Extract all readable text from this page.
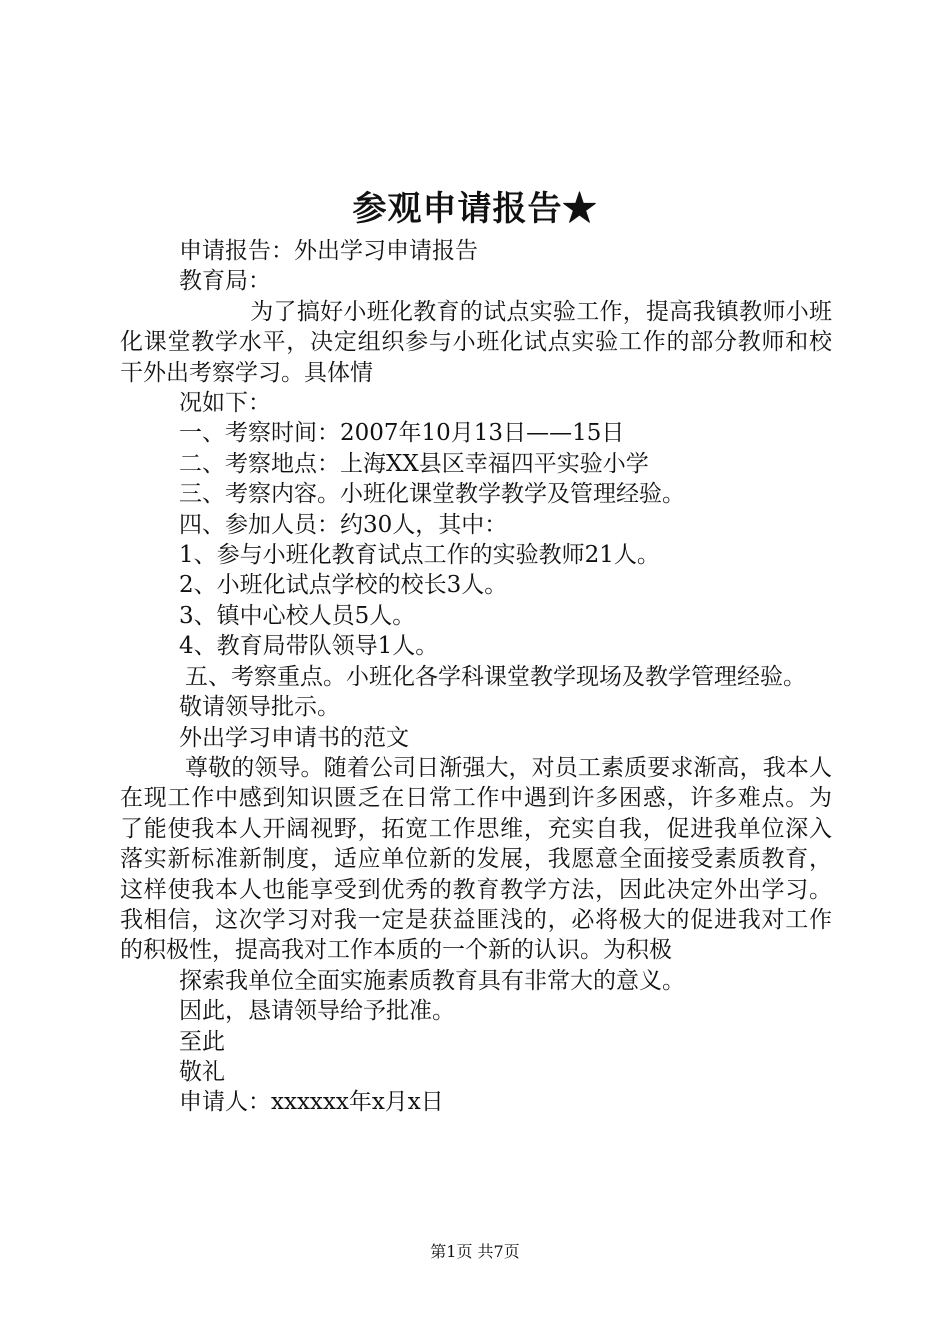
参观申请报告★
申请报告：外出学习申请报告
教育局：
为了搞好小班化教育的试点实验工作，提高我镇教师小班化课堂教学水平，决定组织参与小班化试点实验工作的部分教师和校干外出考察学习。具体情
况如下：
一、考察时间：2007年10月13日——15日
二、考察地点：上海XX县区幸福四平实验小学
三、考察内容。小班化课堂教学教学及管理经验。
四、参加人员：约30人，其中：
1、参与小班化教育试点工作的实验教师21人。
2、小班化试点学校的校长3人。
3、镇中心校人员5人。
4、教育局带队领导1人。
五、考察重点。小班化各学科课堂教学现场及教学管理经验。
敬请领导批示。
外出学习申请书的范文
尊敬的领导。随着公司日渐强大，对员工素质要求渐高，我本人在现工作中感到知识匮乏在日常工作中遇到许多困惑，许多难点。为了能使我本人开阔视野，拓宽工作思维，充实自我，促进我单位深入落实新标准新制度，适应单位新的发展，我愿意全面接受素质教育，这样使我本人也能享受到优秀的教育教学方法，因此决定外出学习。我相信，这次学习对我一定是获益匪浅的，必将极大的促进我对工作的积极性，提高我对工作本质的一个新的认识。为积极
探索我单位全面实施素质教育具有非常大的意义。
因此，恳请领导给予批准。
至此
敬礼
申请人：xxxxxx年x月x日
第1页 共7页
